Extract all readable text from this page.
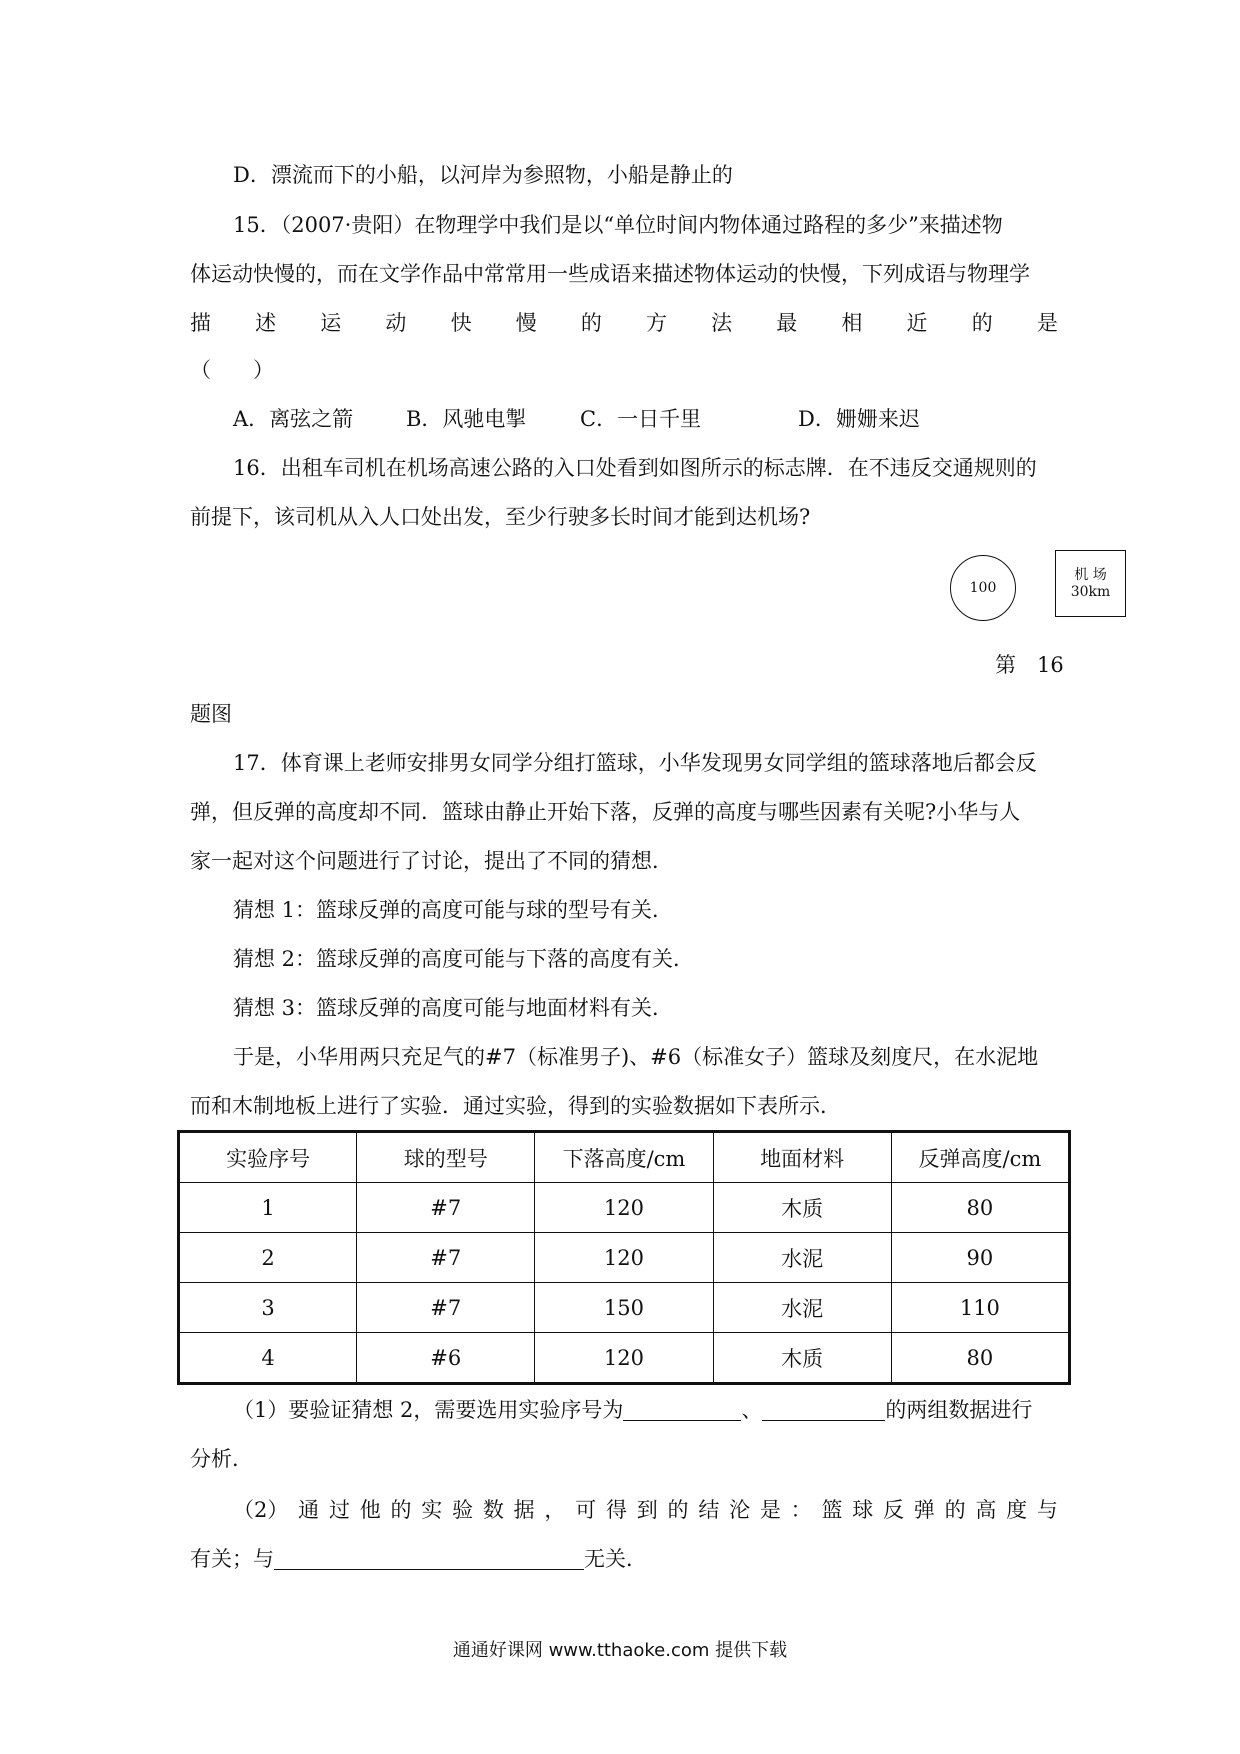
D．漂流而下的小船，以河岸为参照物，小船是静止的
15．（2007·贵阳）在物理学中我们是以“单位时间内物体通过路程的多少”来描述物
体运动快慢的，而在文学作品中常常用一些成语来描述物体运动的快慢，下列成语与物理学
描 述 运 动 快 慢 的 方 法 最 相 近 的 是
（　　）
A．离弦之箭	B．风驰电掣	C．一日千里	D．姗姗来迟
16．出租车司机在机场高速公路的入口处看到如图所示的标志牌．在不违反交通规则的
前提下，该司机从入人口处出发，至少行驶多长时间才能到达机场?
100
机 场
30km
第　16
题图
17．体育课上老师安排男女同学分组打篮球，小华发现男女同学组的篮球落地后都会反
弹，但反弹的高度却不同．篮球由静止开始下落，反弹的高度与哪些因素有关呢?小华与人
家一起对这个问题进行了讨论，提出了不同的猜想．
猜想 1：篮球反弹的高度可能与球的型号有关．
猜想 2：篮球反弹的高度可能与下落的高度有关．
猜想 3：篮球反弹的高度可能与地面材料有关．
于是，小华用两只充足气的#7（标准男子)、#6（标准女子）篮球及刻度尺，在水泥地
而和木制地板上进行了实验．通过实验，得到的实验数据如下表所示．
实验序号	球的型号	下落高度/cm	地面材料	反弹高度/cm
1	#7	120	木质	80
2	#7	120	水泥	90
3	#7	150	水泥	110
4	#6	120	木质	80
（1）要验证猜想 2，需要选用实验序号为	、	的两组数据进行
分析．
（2） 通 过 他 的 实 验 数 据 ， 可 得 到 的 结 沦 是 ： 篮 球 反 弹 的 高 度 与
有关；与	无关．
通通好课网 www.tthaoke.com 提供下载
